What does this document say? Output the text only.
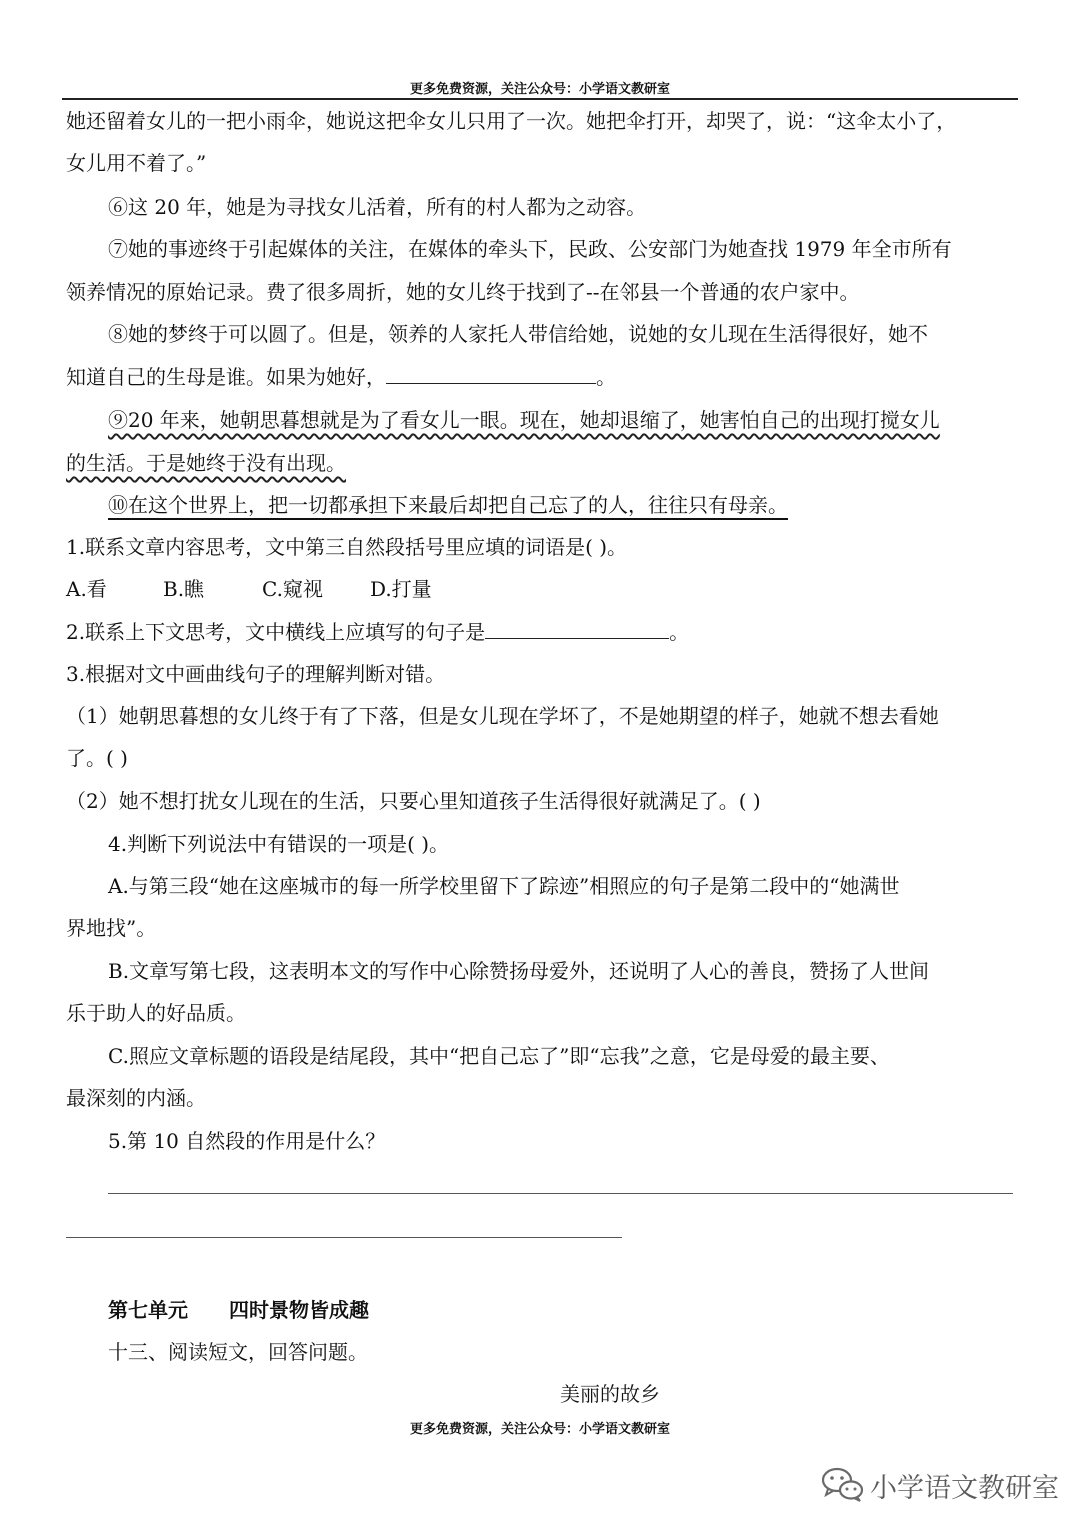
更多免费资源，关注公众号：小学语文教研室
她还留着女儿的一把小雨伞，她说这把伞女儿只用了一次。她把伞打开，却哭了，说：“这伞太小了，
女儿用不着了。”
⑥这 20 年，她是为寻找女儿活着，所有的村人都为之动容。
⑦她的事迹终于引起媒体的关注，在媒体的牵头下，民政、公安部门为她查找 1979 年全市所有
领养情况的原始记录。费了很多周折，她的女儿终于找到了--在邻县一个普通的农户家中。
⑧她的梦终于可以圆了。但是，领养的人家托人带信给她，说她的女儿现在生活得很好，她不
知道自己的生母是谁。如果为她好，	。
⑨20 年来，她朝思暮想就是为了看女儿一眼。现在，她却退缩了，她害怕自己的出现打搅女儿
的生活。于是她终于没有出现。
⑩在这个世界上，把一切都承担下来最后却把自己忘了的人，往往只有母亲。
1.联系文章内容思考，文中第三自然段括号里应填的词语是( )。
A.看	B.瞧	C.窥视 D.打量
2.联系上下文思考，文中横线上应填写的句子是	。
3.根据对文中画曲线句子的理解判断对错。
（1）她朝思暮想的女儿终于有了下落，但是女儿现在学坏了，不是她期望的样子，她就不想去看她
了。( )
（2）她不想打扰女儿现在的生活，只要心里知道孩子生活得很好就满足了。( )
4.判断下列说法中有错误的一项是( )。
A.与第三段“她在这座城市的每一所学校里留下了踪迹”相照应的句子是第二段中的“她满世
界地找”。
B.文章写第七段，这表明本文的写作中心除赞扬母爱外，还说明了人心的善良，赞扬了人世间
乐于助人的好品质。
C.照应文章标题的语段是结尾段，其中“把自己忘了”即“忘我”之意，它是母爱的最主要、
最深刻的内涵。
5.第 10 自然段的作用是什么？
第七单元 四时景物皆成趣
十三、阅读短文，回答问题。
美丽的故乡
更多免费资源，关注公众号：小学语文教研室
小学语文教研室
